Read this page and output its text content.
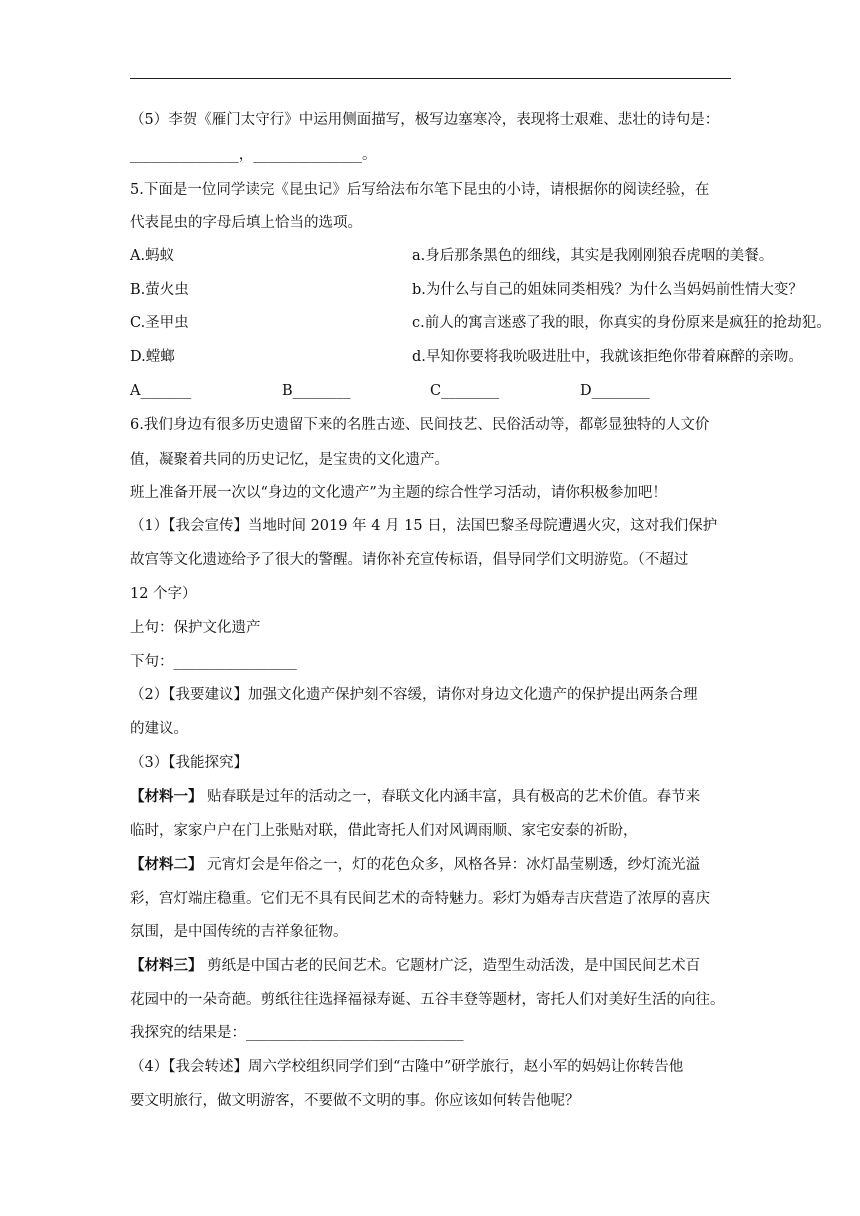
（5）李贺《雁门太守行》中运用侧面描写，极写边塞寒冷，表现将士艰难、悲壮的诗句是：
_______________，_______________。
5.下面是一位同学读完《昆虫记》后写给法布尔笔下昆虫的小诗，请根据你的阅读经验，在
代表昆虫的字母后填上恰当的选项。
A.蚂蚁	a.身后那条黑色的细线，其实是我刚刚狼吞虎咽的美餐。
B.萤火虫	b.为什么与自己的姐妹同类相残？为什么当妈妈前性情大变？
C.圣甲虫	c.前人的寓言迷惑了我的眼，你真实的身份原来是疯狂的抢劫犯。
D.螳螂	d.早知你要将我吮吸进肚中，我就该拒绝你带着麻醉的亲吻。
A_______	B________	C________	D________
6.我们身边有很多历史遗留下来的名胜古迹、民间技艺、民俗活动等，都彰显独特的人文价
值，凝聚着共同的历史记忆，是宝贵的文化遗产。
班上准备开展一次以“身边的文化遗产”为主题的综合性学习活动，请你积极参加吧！
（1）【我会宣传】当地时间 2019 年 4 月 15 日，法国巴黎圣母院遭遇火灾，这对我们保护
故宫等文化遗迹给予了很大的警醒。请你补充宣传标语，倡导同学们文明游览。（不超过
12 个字）
上句：保护文化遗产
下句：_________________
（2）【我要建议】加强文化遗产保护刻不容缓，请你对身边文化遗产的保护提出两条合理
的建议。
（3）【我能探究】
【材料一】 贴春联是过年的活动之一，春联文化内涵丰富，具有极高的艺术价值。春节来
临时，家家户户在门上张贴对联，借此寄托人们对风调雨顺、家宅安泰的祈盼，
【材料二】 元宵灯会是年俗之一，灯的花色众多，风格各异：冰灯晶莹剔透，纱灯流光溢
彩，宫灯端庄稳重。它们无不具有民间艺术的奇特魅力。彩灯为婚寿吉庆营造了浓厚的喜庆
氛围，是中国传统的吉祥象征物。
【材料三】 剪纸是中国古老的民间艺术。它题材广泛，造型生动活泼，是中国民间艺术百
花园中的一朵奇葩。剪纸往往选择福禄寿诞、五谷丰登等题材，寄托人们对美好生活的向往。
我探究的结果是：______________________________
（4）【我会转述】周六学校组织同学们到“古隆中”研学旅行，赵小军的妈妈让你转告他
要文明旅行，做文明游客，不要做不文明的事。你应该如何转告他呢？
